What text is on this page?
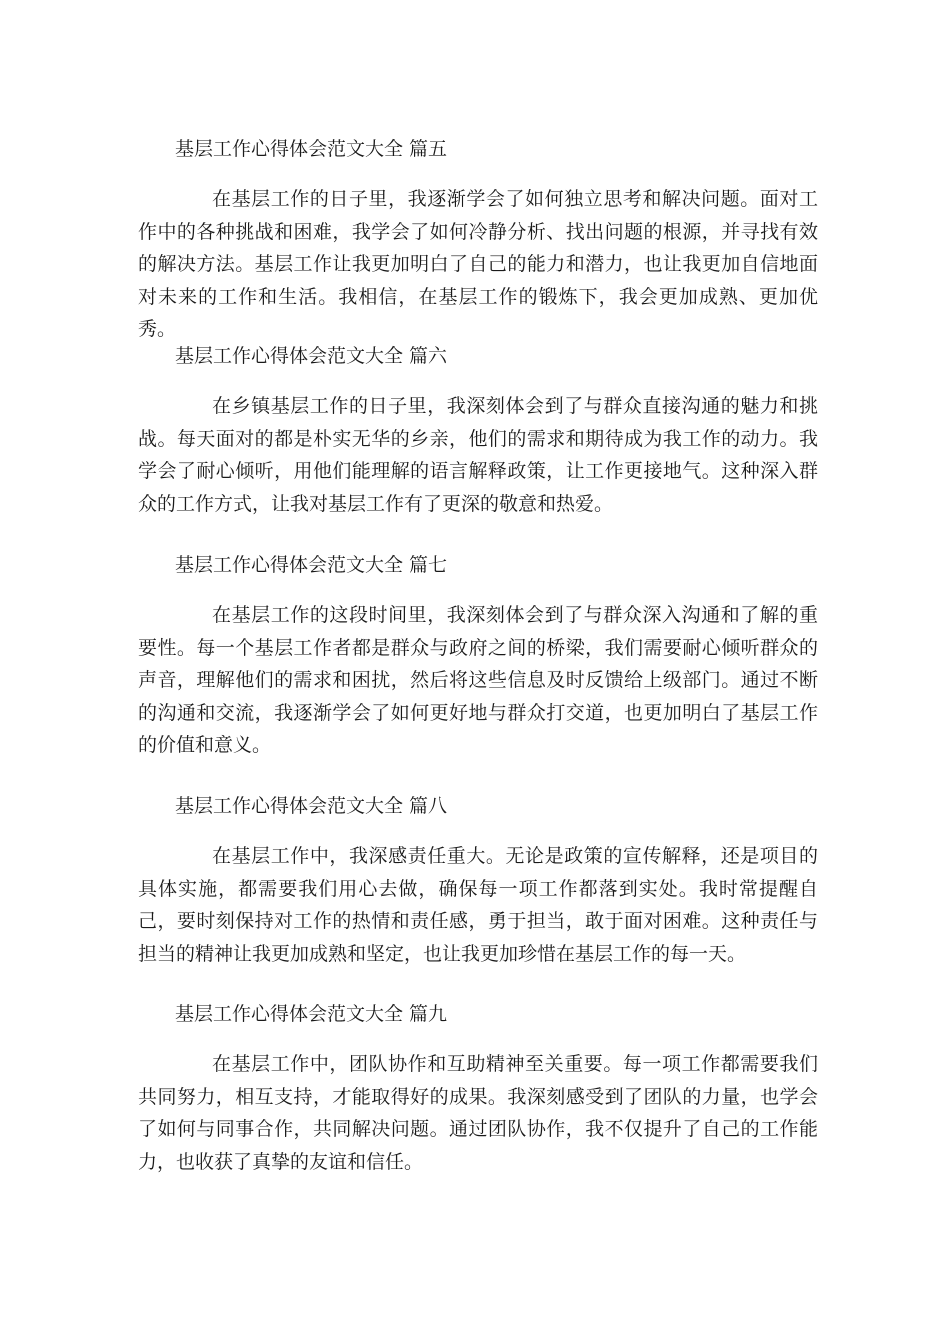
基层工作心得体会范文大全 篇五

在基层工作的日子里，我逐渐学会了如何独立思考和解决问题。面对工作中的各种挑战和困难，我学会了如何冷静分析、找出问题的根源，并寻找有效的解决方法。基层工作让我更加明白了自己的能力和潜力，也让我更加自信地面对未来的工作和生活。我相信，在基层工作的锻炼下，我会更加成熟、更加优秀。

基层工作心得体会范文大全 篇六

在乡镇基层工作的日子里，我深刻体会到了与群众直接沟通的魅力和挑战。每天面对的都是朴实无华的乡亲，他们的需求和期待成为我工作的动力。我学会了耐心倾听，用他们能理解的语言解释政策，让工作更接地气。这种深入群众的工作方式，让我对基层工作有了更深的敬意和热爱。

基层工作心得体会范文大全 篇七

在基层工作的这段时间里，我深刻体会到了与群众深入沟通和了解的重要性。每一个基层工作者都是群众与政府之间的桥梁，我们需要耐心倾听群众的声音，理解他们的需求和困扰，然后将这些信息及时反馈给上级部门。通过不断的沟通和交流，我逐渐学会了如何更好地与群众打交道，也更加明白了基层工作的价值和意义。

基层工作心得体会范文大全 篇八

在基层工作中，我深感责任重大。无论是政策的宣传解释，还是项目的具体实施，都需要我们用心去做，确保每一项工作都落到实处。我时常提醒自己，要时刻保持对工作的热情和责任感，勇于担当，敢于面对困难。这种责任与担当的精神让我更加成熟和坚定，也让我更加珍惜在基层工作的每一天。

基层工作心得体会范文大全 篇九

在基层工作中，团队协作和互助精神至关重要。每一项工作都需要我们共同努力，相互支持，才能取得好的成果。我深刻感受到了团队的力量，也学会了如何与同事合作，共同解决问题。通过团队协作，我不仅提升了自己的工作能力，也收获了真挚的友谊和信任。
